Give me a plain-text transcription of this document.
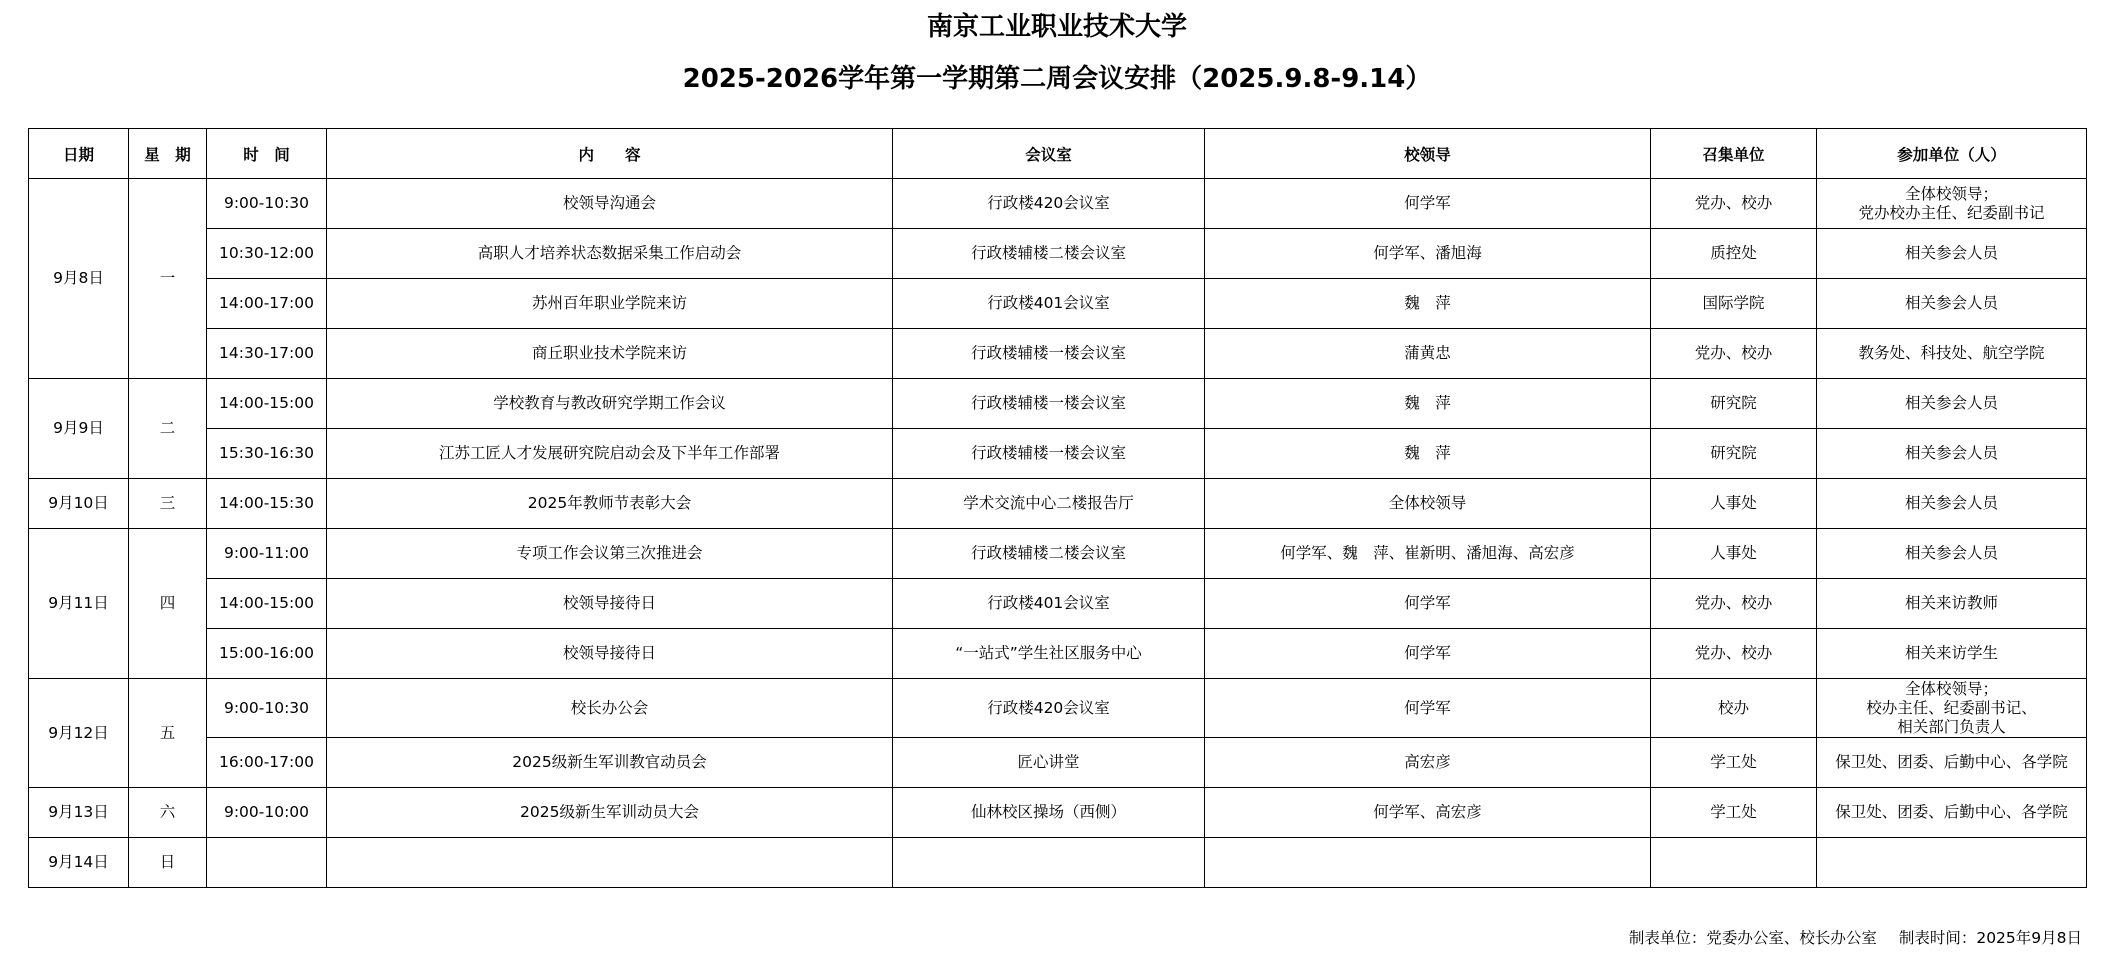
南京工业职业技术大学
2025-2026学年第一学期第二周会议安排（2025.9.8-9.14）
日期	星　期	时　间	内　　容	会议室	校领导	召集单位	参加单位（人）
9月8日	一	9:00-10:30	校领导沟通会	行政楼420会议室	何学军	党办、校办	全体校领导；
党办校办主任、纪委副书记

		10:30-12:00	高职人才培养状态数据采集工作启动会	行政楼辅楼二楼会议室	何学军、潘旭海	质控处	相关参会人员

		14:00-17:00	苏州百年职业学院来访	行政楼401会议室	魏　萍	国际学院	相关参会人员

		14:30-17:00	商丘职业技术学院来访	行政楼辅楼一楼会议室	蒲黄忠	党办、校办	教务处、科技处、航空学院

9月9日	二	14:00-15:00	学校教育与教改研究学期工作会议	行政楼辅楼一楼会议室	魏　萍	研究院	相关参会人员

		15:30-16:30	江苏工匠人才发展研究院启动会及下半年工作部署	行政楼辅楼一楼会议室	魏　萍	研究院	相关参会人员

9月10日	三	14:00-15:30	2025年教师节表彰大会	学术交流中心二楼报告厅	全体校领导	人事处	相关参会人员

9月11日	四	9:00-11:00	专项工作会议第三次推进会	行政楼辅楼二楼会议室	何学军、魏　萍、崔新明、潘旭海、高宏彦	人事处	相关参会人员

		14:00-15:00	校领导接待日	行政楼401会议室	何学军	党办、校办	相关来访教师

		15:00-16:00	校领导接待日	“一站式”学生社区服务中心	何学军	党办、校办	相关来访学生

9月12日	五	9:00-10:30	校长办公会	行政楼420会议室	何学军	校办	全体校领导；
校办主任、纪委副书记、
相关部门负责人

		16:00-17:00	2025级新生军训教官动员会	匠心讲堂	高宏彦	学工处	保卫处、团委、后勤中心、各学院

9月13日	六	9:00-10:00	2025级新生军训动员大会	仙林校区操场（西侧）	何学军、高宏彦	学工处	保卫处、团委、后勤中心、各学院

9月14日	日						
制表单位：党委办公室、校长办公室 制表时间：2025年9月8日
